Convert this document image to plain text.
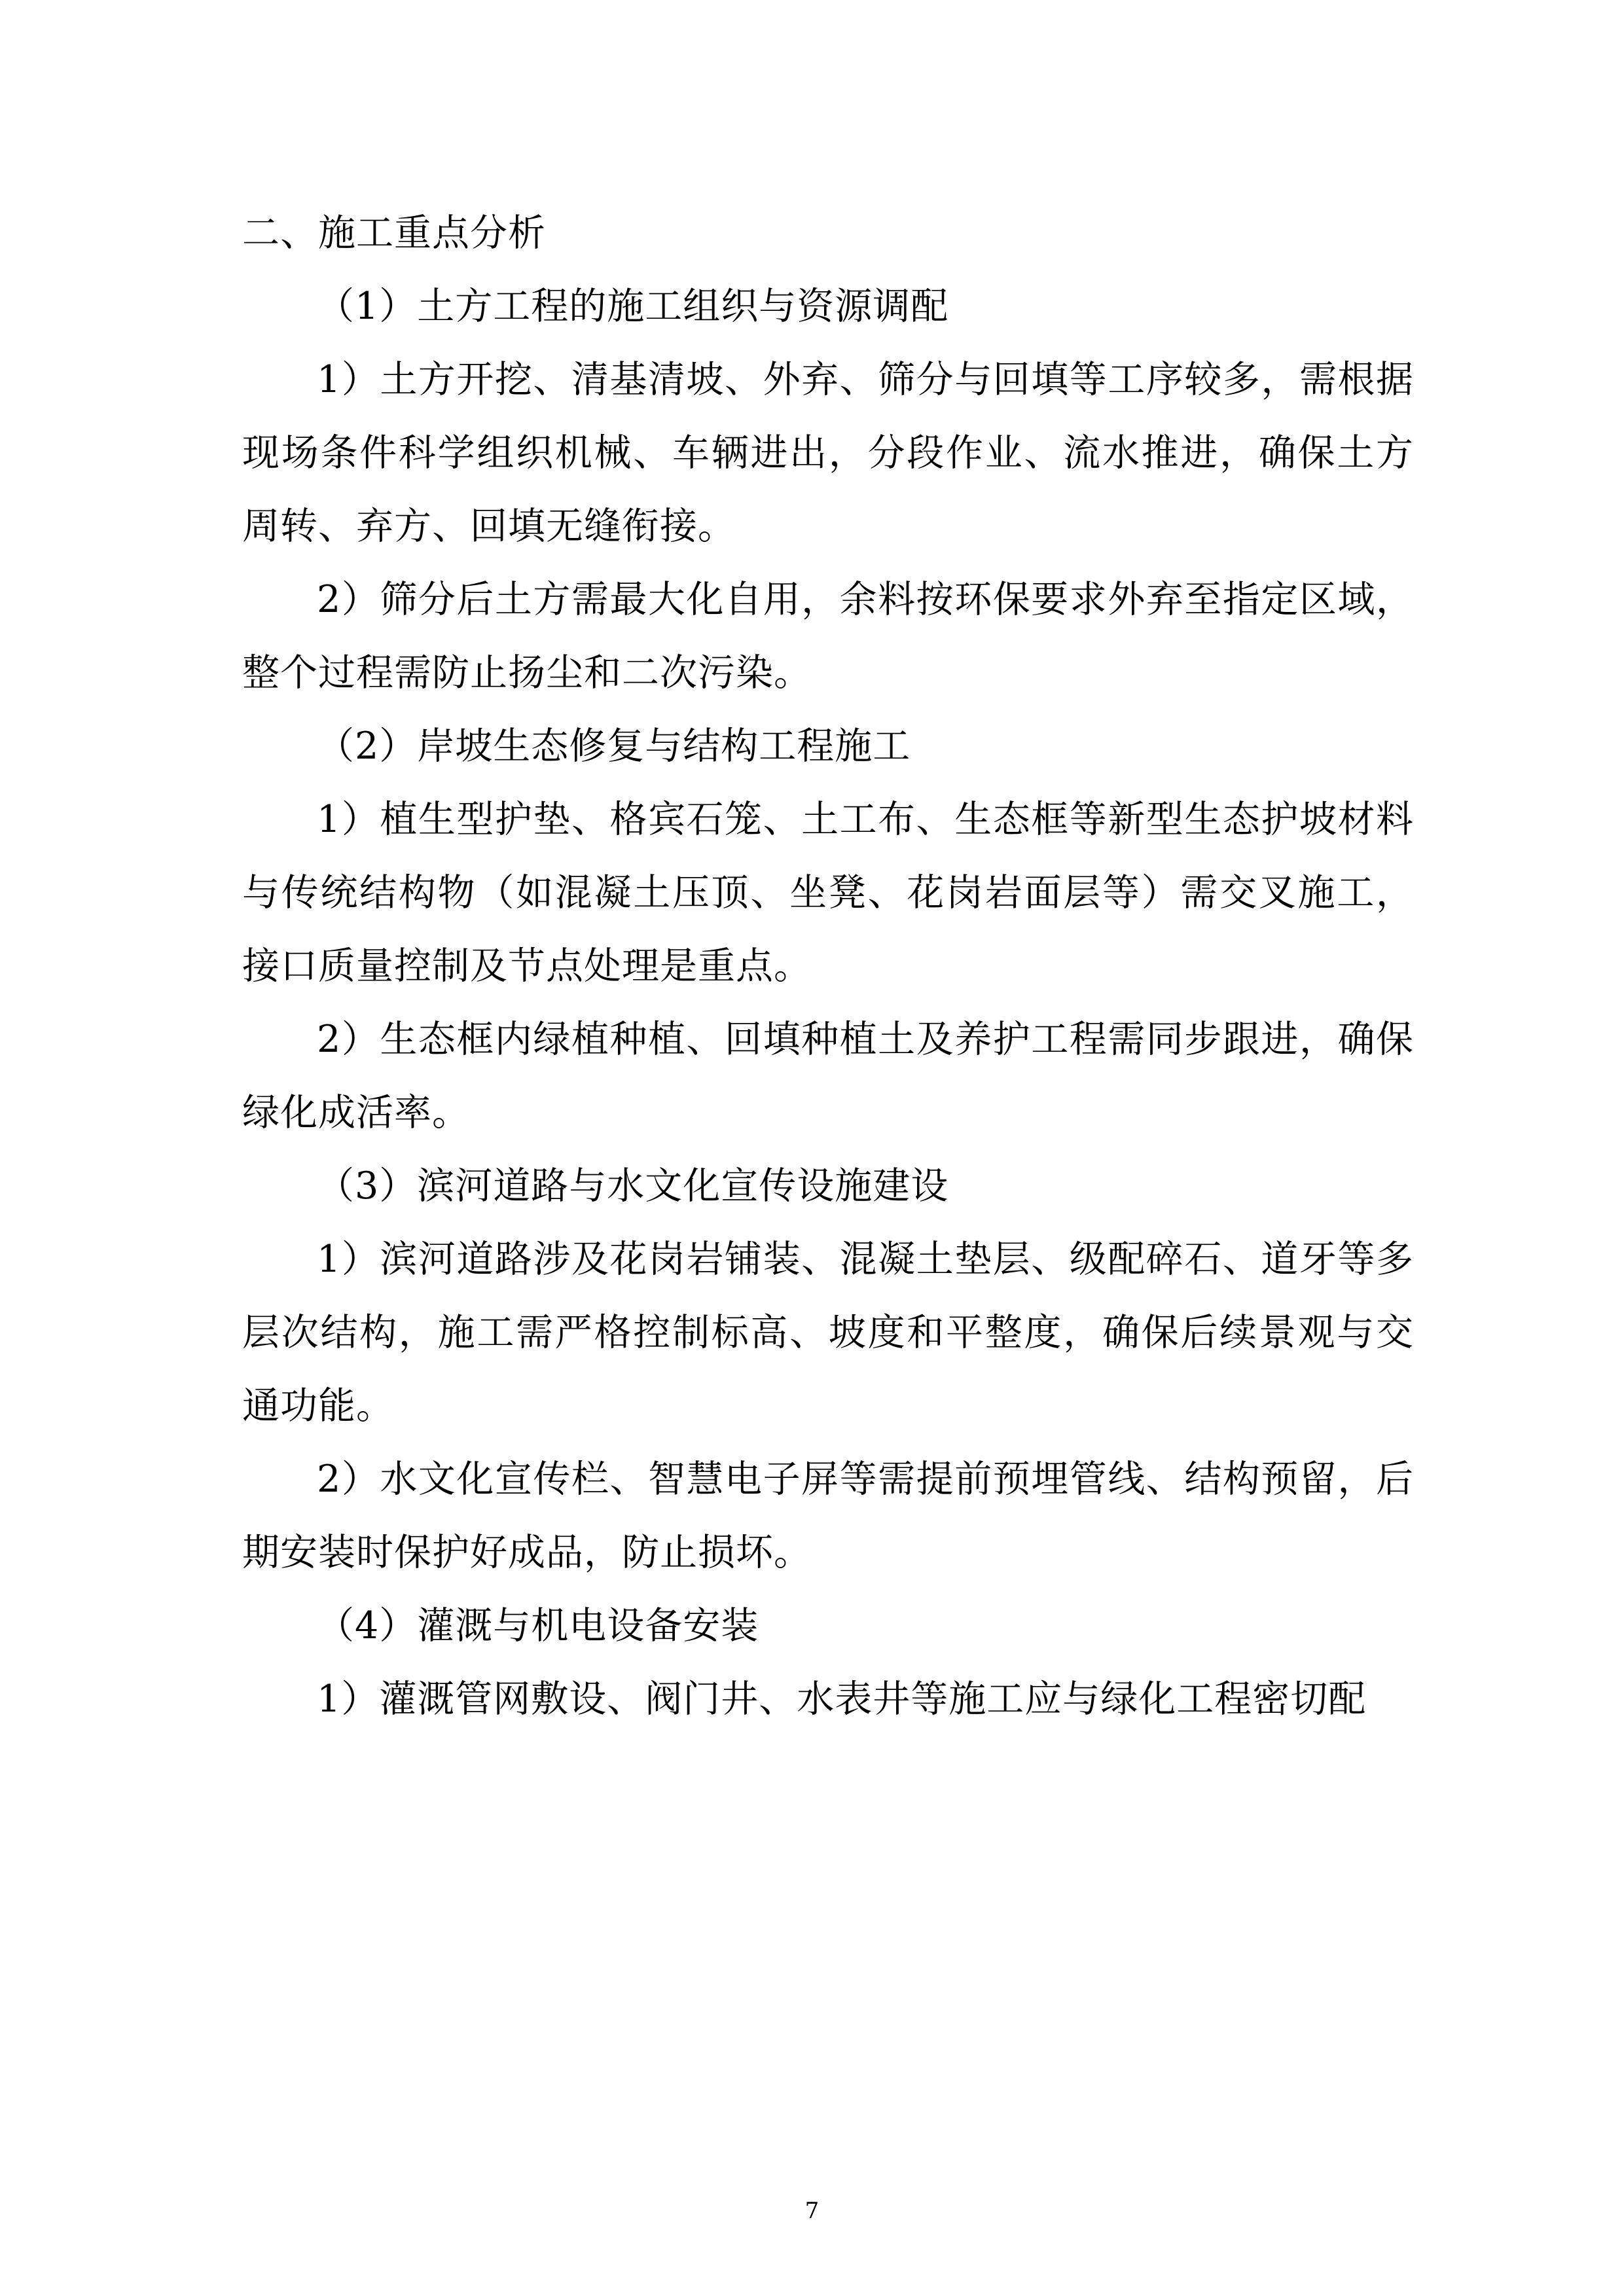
二、施工重点分析

（1）土方工程的施工组织与资源调配

1）土方开挖、清基清坡、外弃、筛分与回填等工序较多，需根据现场条件科学组织机械、车辆进出，分段作业、流水推进，确保土方周转、弃方、回填无缝衔接。

2）筛分后土方需最大化自用，余料按环保要求外弃至指定区域，整个过程需防止扬尘和二次污染。

（2）岸坡生态修复与结构工程施工

1）植生型护垫、格宾石笼、土工布、生态框等新型生态护坡材料与传统结构物（如混凝土压顶、坐凳、花岗岩面层等）需交叉施工，接口质量控制及节点处理是重点。

2）生态框内绿植种植、回填种植土及养护工程需同步跟进，确保绿化成活率。

（3）滨河道路与水文化宣传设施建设

1）滨河道路涉及花岗岩铺装、混凝土垫层、级配碎石、道牙等多层次结构，施工需严格控制标高、坡度和平整度，确保后续景观与交通功能。

2）水文化宣传栏、智慧电子屏等需提前预埋管线、结构预留，后期安装时保护好成品，防止损坏。

（4）灌溉与机电设备安装

1）灌溉管网敷设、阀门井、水表井等施工应与绿化工程密切配

7
